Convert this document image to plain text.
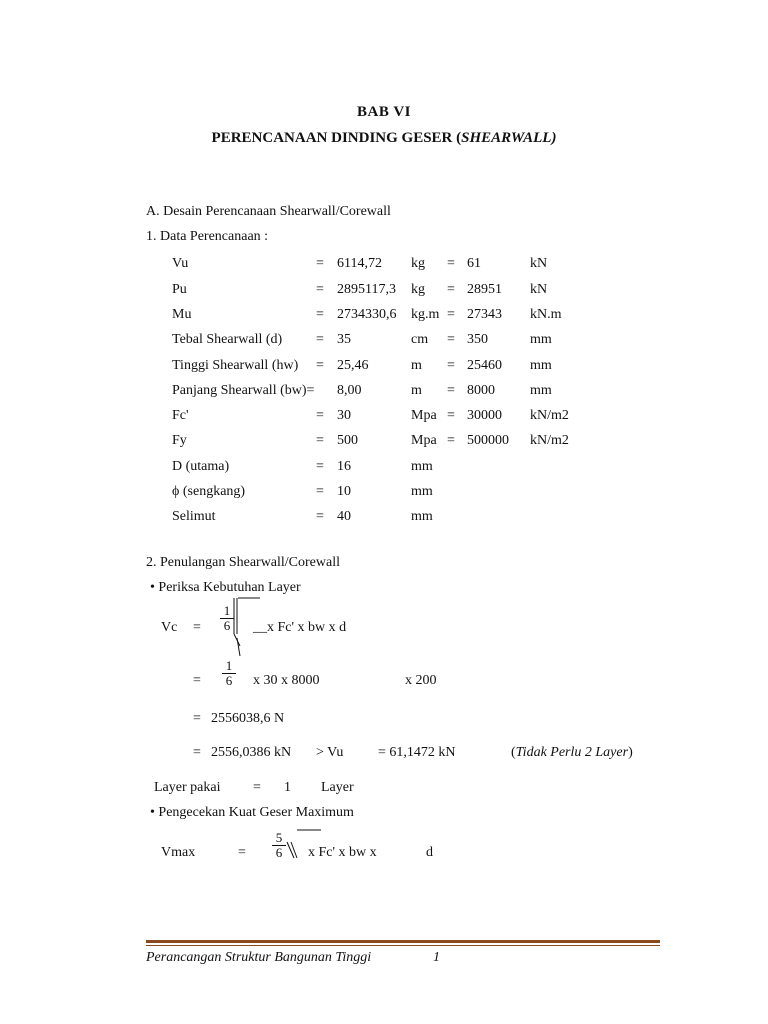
BAB VI
PERENCANAAN DINDING GESER (SHEARWALL)
A. Desain Perencanaan Shearwall/Corewall
1. Data Perencanaan :
Vu	= 6114,72 kg = 61	kN
Pu	= 2895117,3 kg = 28951 kN
Mu	= 2734330,6 kg.m = 27343 kN.m
Tebal Shearwall (d) = 35	cm = 350	mm
Tinggi Shearwall (hw) = 25,46	m = 25460 mm
Panjang Shearwall (bw)= 8,00	m = 8000	mm
Fc'	= 30	Mpa = 30000 kN/m2
Fy	= 500	Mpa = 500000 kN/m2
D (utama)	= 16	mm
ϕ (sengkang)	= 10	mm
Selimut	= 40	mm
2. Penulangan Shearwall/Corewall
• Periksa Kebutuhan Layer
$Vc = \frac{1}{6}$ __x Fc' x bw x d
= $\frac{1}{6}$ x 30 x 8000	x 200
= 2556038,6 N
= 2556,0386 kN > Vu = 61,1472 kN	(Tidak Perlu 2 Layer)
Layer pakai = 1 Layer
• Pengecekan Kuat Geser Maximum
Vmax	= $\frac{5}{6}$ x Fc' x bw x	d
Perancangan Struktur Bangunan Tinggi	1
